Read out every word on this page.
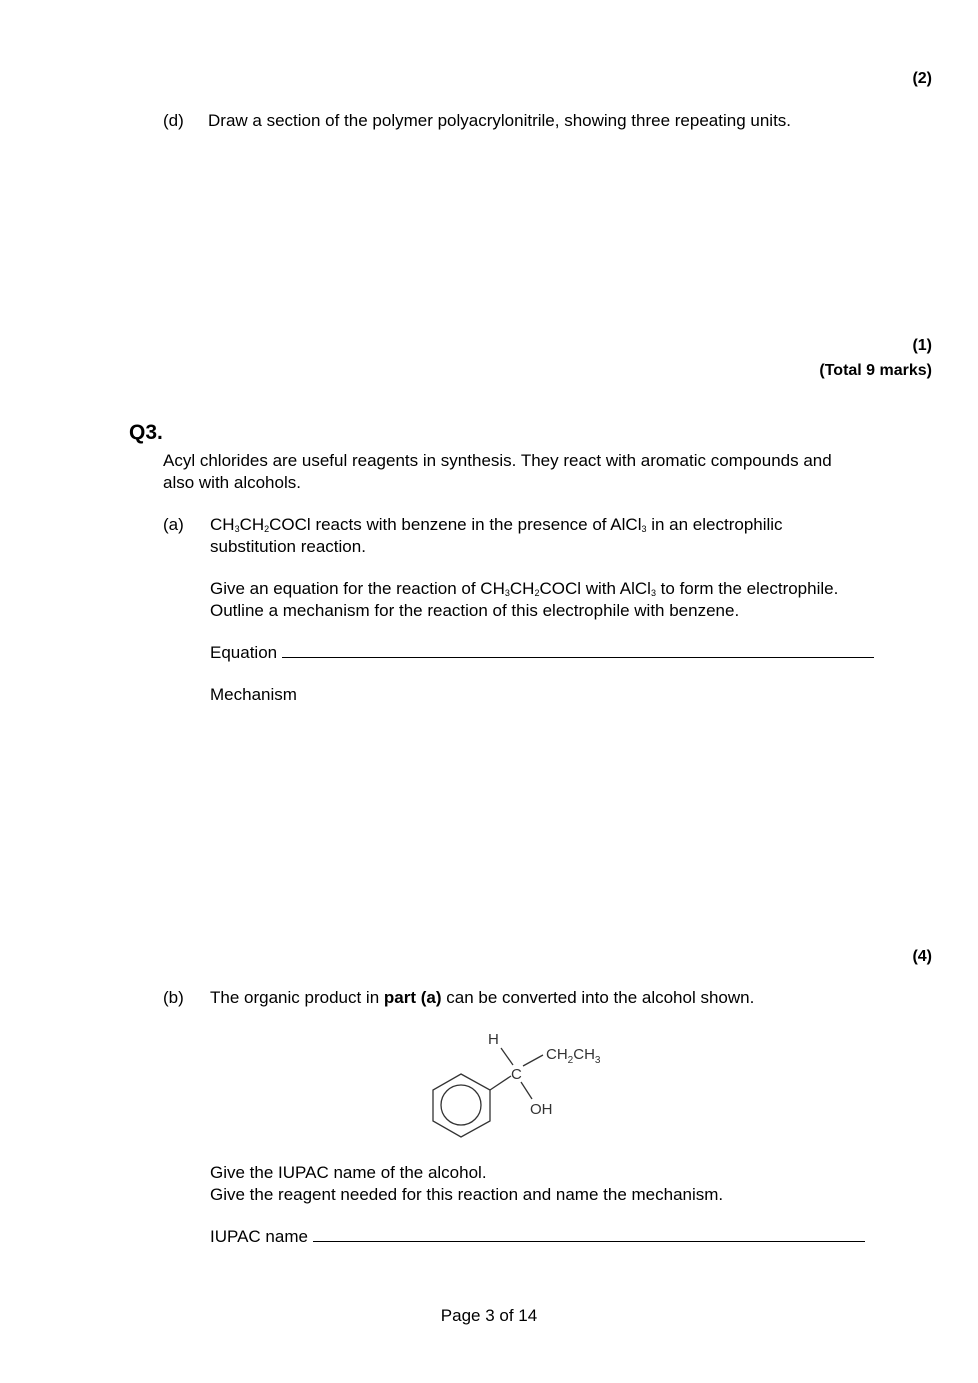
(2)
(d) Draw a section of the polymer polyacrylonitrile, showing three repeating units.
(1)
(Total 9 marks)
Q3.
Acyl chlorides are useful reagents in synthesis. They react with aromatic compounds and
also with alcohols.
(a) $CH_3CH_2COCl$ reacts with benzene in the presence of AlCl$_3$ in an electrophilic
substitution reaction.
Give an equation for the reaction of $CH_3CH_2COCl$ with AlCl$_3$ to form the electrophile.
Outline a mechanism for the reaction of this electrophile with benzene.
Equation
Mechanism
(4)
(b) The organic product in part (a) can be converted into the alcohol shown.
H
C
OH
$CH_2CH_3$
Give the IUPAC name of the alcohol.
Give the reagent needed for this reaction and name the mechanism.
IUPAC name
Page 3 of 14
